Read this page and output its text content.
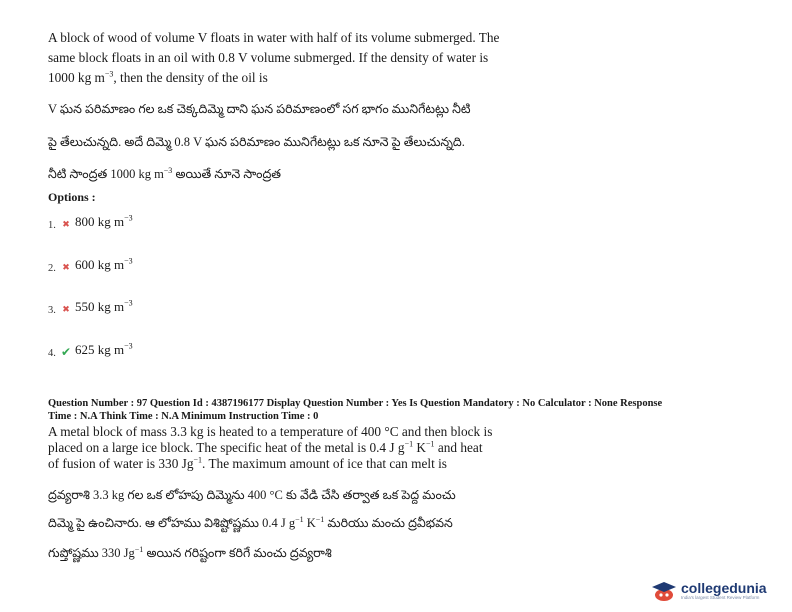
A block of wood of volume V floats in water with half of its volume submerged. The
same block floats in an oil with 0.8 V volume submerged. If the density of water is
1000 kg $m^{-3}$, then the density of the oil is

V ఘన పరిమాణం గల ఒక చెక్కదిమ్మె దాని ఘన పరిమాణంలో సగ భాగం మునిగేటట్లు నీటి

పై తేలుచున్నది. అదే దిమ్మె 0.8 V ఘన పరిమాణం మునిగేటట్లు ఒక నూనె పై తేలుచున్నది.

నీటి సాంద్రత 1000 kg $m^{-3}$ అయితే నూనె సాంద్రత

Options :
1. ✖ 800 kg $m^{-3}$
2. ✖ 600 kg $m^{-3}$
3. ✖ 550 kg $m^{-3}$
4. ✔ 625 kg $m^{-3}$

Question Number : 97 Question Id : 4387196177 Display Question Number : Yes Is Question Mandatory : No Calculator : None Response
Time : N.A Think Time : N.A Minimum Instruction Time : 0

A metal block of mass 3.3 kg is heated to a temperature of 400 °C and then block is
placed on a large ice block. The specific heat of the metal is 0.4 J $g^{-1}$ $K^{-1}$ and heat
of fusion of water is 330 $Jg^{-1}$. The maximum amount of ice that can melt is

ద్రవ్యరాశి 3.3 kg గల ఒక లోహపు దిమ్మెను 400 °C కు వేడి చేసి తర్వాత ఒక పెద్ద మంచు

దిమ్మె పై ఉంచినారు. ఆ లోహము విశిష్టోష్ణము 0.4 J $g^{-1}$ $K^{-1}$ మరియు మంచు ద్రవీభవన

గుప్తోష్ణము 330 $Jg^{-1}$ అయిన గరిష్టంగా కరిగే మంచు ద్రవ్యరాశి

collegedunia
India's largest Student Review Platform
